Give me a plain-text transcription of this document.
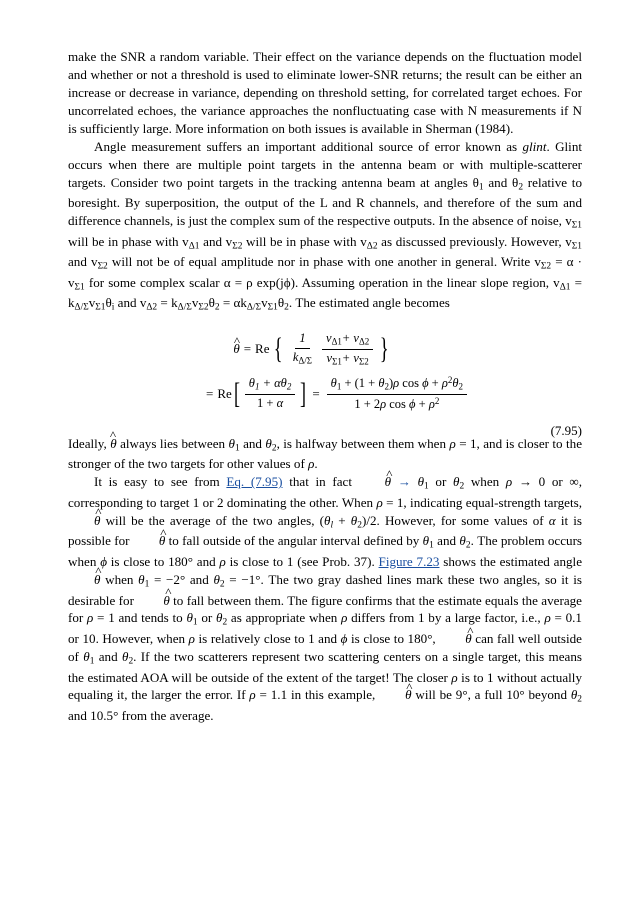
make the SNR a random variable. Their effect on the variance depends on the fluctuation model and whether or not a threshold is used to eliminate lower-SNR returns; the result can be either an increase or decrease in variance, depending on threshold setting, for correlated target echoes. For uncorrelated echoes, the variance approaches the nonfluctuating case with N measurements if N is sufficiently large. More information on both issues is available in Sherman (1984).

Angle measurement suffers an important additional source of error known as glint. Glint occurs when there are multiple point targets in the antenna beam or with multiple-scatterer targets. Consider two point targets in the tracking antenna beam at angles $\theta_1$ and $\theta_2$ relative to boresight. By superposition, the output of the L and R channels, and therefore of the sum and difference channels, is just the complex sum of the respective outputs. In the absence of noise, $v_{\Sigma 1}$ will be in phase with $v_{\Delta 1}$ and $v_{\Sigma 2}$ will be in phase with $v_{\Delta 2}$ as discussed previously. However, $v_{\Sigma 1}$ and $v_{\Sigma 2}$ will not be of equal amplitude nor in phase with one another in general. Write $v_{\Sigma 2} = \alpha \cdot v_{\Sigma 1}$ for some complex scalar α = ρ exp(jϕ). Assuming operation in the linear slope region, $v_{\Delta 1} = k_{\Delta/\Sigma}v_{\Sigma 1}\theta_i$ and $v_{\Delta 2} = k_{\Delta/\Sigma}v_{\Sigma 2}\theta_2 = \alpha k_{\Delta/\Sigma}v_{\Sigma 1}\theta_2$. The estimated angle becomes

^ θ = Re { $\frac{1}{k_{\Delta/\Sigma}} \frac{v_{\Delta 1}+ v_{\Delta 2}}{v_{\Sigma 1}+ v_{\Sigma 2}}$ }
= Re [ $\frac{\theta_1 + \alpha\theta_2}{1 + \alpha}$ ] = $\frac{\theta_1 + (1 + \theta_2)\rho \cos \phi + \rho^2\theta_2}{1 + 2\rho \cos \phi + \rho^2}$
(7.95)

Ideally, ^ θ always lies between $\theta_1$ and $\theta_2$, is halfway between them when ρ = 1, and is closer to the stronger of the two targets for other values of ρ.

It is easy to see from Eq. (7.95) that in fact ^ $\theta \to \theta_1$ or $\theta_2$ when ρ → 0 or ∞, corresponding to target 1 or 2 dominating the other. When ρ = 1, indicating equal-strength targets, ^ θ will be the average of the two angles, $(\theta_l + \theta_2)/2$. However, for some values of α it is possible for ^ θ to fall outside of the angular interval defined by $\theta_1$ and $\theta_2$. The problem occurs when ϕ is close to 180° and ρ is close to 1 (see Prob. 37). Figure 7.23 shows the estimated angle ^ θ when $\theta_1 = -2^\circ$ and $\theta_2 = -1^\circ$. The two gray dashed lines mark these two angles, so it is desirable for ^ θ to fall between them. The figure confirms that the estimate equals the average for ρ = 1 and tends to $\theta_1$ or $\theta_2$ as appropriate when ρ differs from 1 by a large factor, i.e., ρ = 0.1 or 10. However, when ρ is relatively close to 1 and ϕ is close to 180°, ^ θ can fall well outside of $\theta_1$ and $\theta_2$. If the two scatterers represent two scattering centers on a single target, this means the estimated AOA will be outside of the extent of the target! The closer ρ is to 1 without actually equaling it, the larger the error. If ρ = 1.1 in this example, ^ θ will be 9°, a full 10° beyond $\theta_2$ and 10.5° from the average.
